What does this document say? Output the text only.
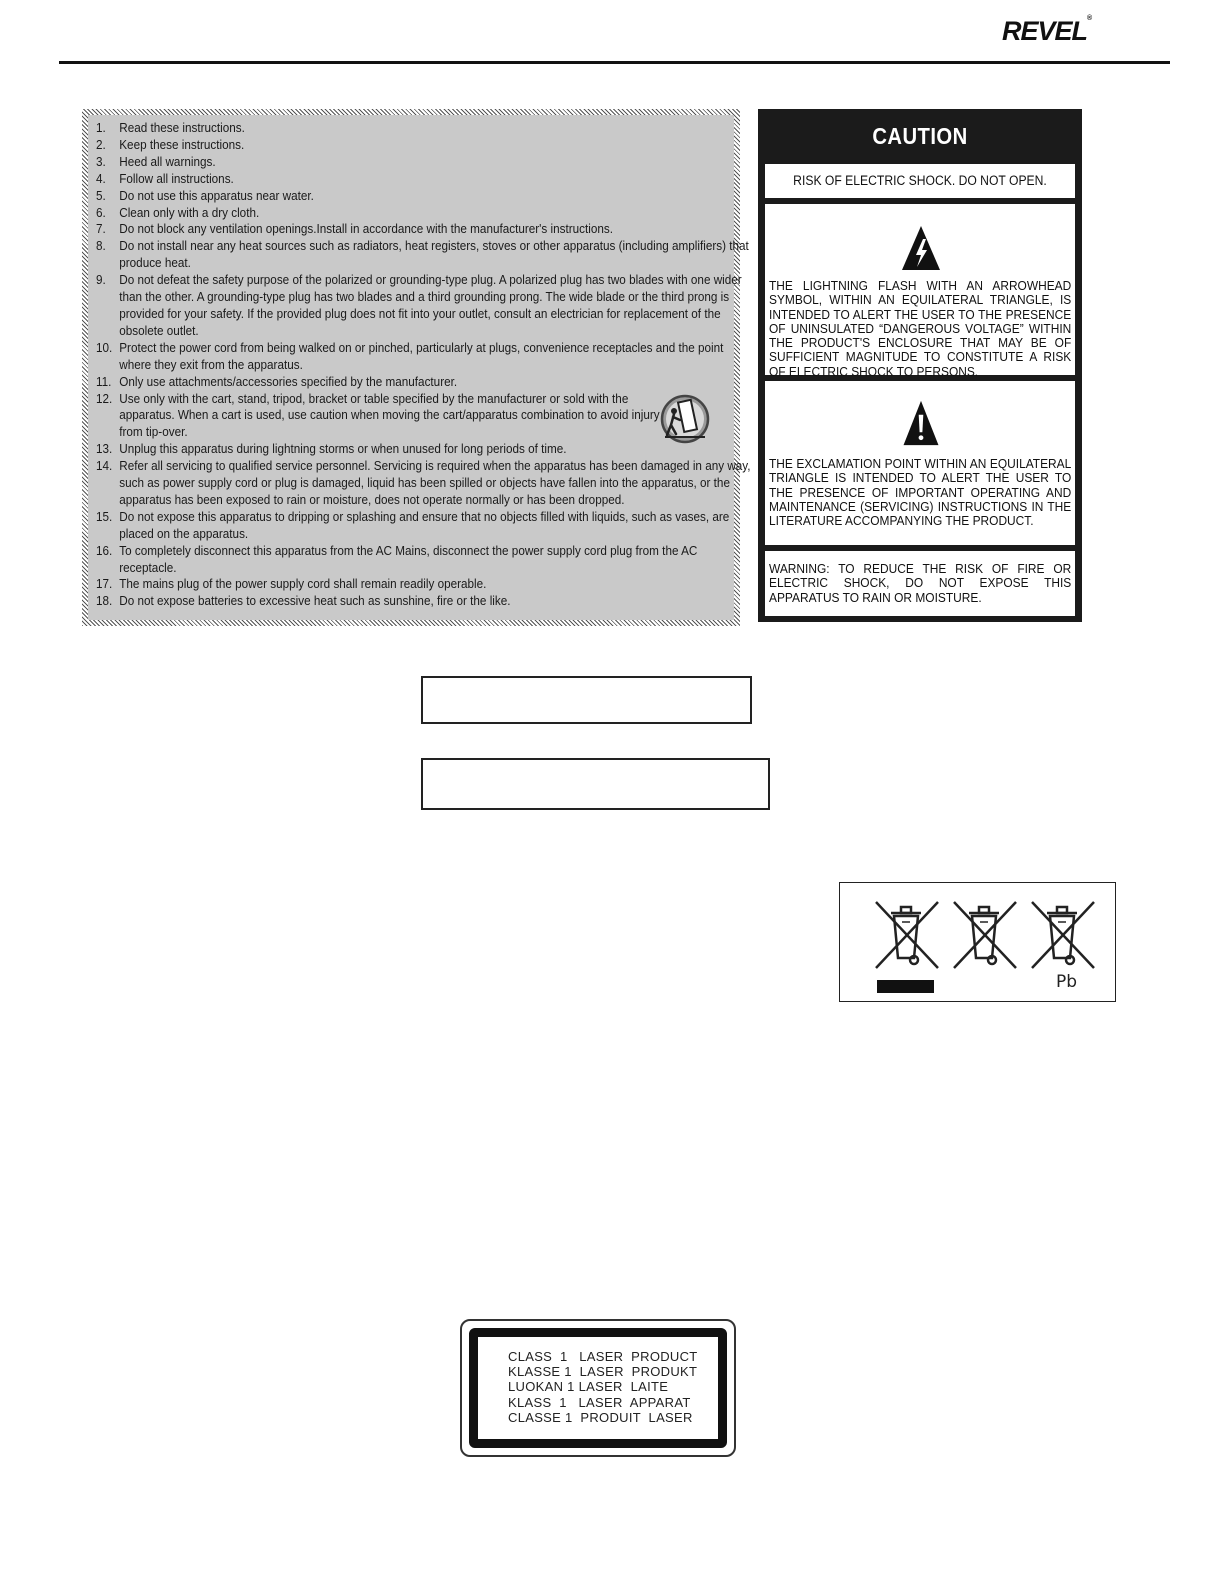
REVEL®
1.	Read these instructions.
2.	Keep these instructions.
3.	Heed all warnings.
4.	Follow all instructions.
5.	Do not use this apparatus near water.
6.	Clean only with a dry cloth.
7.	Do not block any ventilation openings.Install in accordance with the manufacturer's instructions.
8.	Do not install near any heat sources such as radiators, heat registers, stoves or other apparatus (including amplifiers) that produce heat.
9.	Do not defeat the safety purpose of the polarized or grounding-type plug. A polarized plug has two blades with one wider than the other. A grounding-type plug has two blades and a third grounding prong. The wide blade or the third prong is provided for your safety. If the provided plug does not fit into your outlet, consult an electrician for replacement of the obsolete outlet.
10. Protect the power cord from being walked on or pinched, particularly at plugs, convenience receptacles and the point where they exit from the apparatus.
11. Only use attachments/accessories specified by the manufacturer.
12. Use only with the cart, stand, tripod, bracket or table specified by the manufacturer or sold with the apparatus. When a cart is used, use caution when moving the cart/apparatus combination to avoid injury from tip-over.
13. Unplug this apparatus during lightning storms or when unused for long periods of time.
14. Refer all servicing to qualified service personnel. Servicing is required when the apparatus has been damaged in any way, such as power supply cord or plug is damaged, liquid has been spilled or objects have fallen into the apparatus, or the apparatus has been exposed to rain or moisture, does not operate normally or has been dropped.
15. Do not expose this apparatus to dripping or splashing and ensure that no objects filled with liquids, such as vases, are placed on the apparatus.
16. To completely disconnect this apparatus from the AC Mains, disconnect the power supply cord plug from the AC receptacle.
17. The mains plug of the power supply cord shall remain readily operable.
18. Do not expose batteries to excessive heat such as sunshine, fire or the like.
CAUTION
RISK OF ELECTRIC SHOCK. DO NOT OPEN.
THE LIGHTNING FLASH WITH AN ARROWHEAD SYMBOL, WITHIN AN EQUILATERAL TRIANGLE, IS INTENDED TO ALERT THE USER TO THE PRESENCE OF UNINSULATED “DANGEROUS VOLTAGE” WITHIN THE PRODUCT'S ENCLOSURE THAT MAY BE OF SUFFICIENT MAGNITUDE TO CONSTITUTE A RISK OF ELECTRIC SHOCK TO PERSONS.
THE EXCLAMATION POINT WITHIN AN EQUILATERAL TRIANGLE IS INTENDED TO ALERT THE USER TO THE PRESENCE OF IMPORTANT OPERATING AND MAINTENANCE (SERVICING) INSTRUCTIONS IN THE LITERATURE ACCOMPANYING THE PRODUCT.
WARNING: TO REDUCE THE RISK OF FIRE OR ELECTRIC SHOCK, DO NOT EXPOSE THIS APPARATUS TO RAIN OR MOISTURE.
Pb
CLASS  1   LASER  PRODUCT
KLASSE 1  LASER  PRODUKT
LUOKAN 1 LASER  LAITE
KLASS  1   LASER  APPARAT
CLASSE 1  PRODUIT  LASER
